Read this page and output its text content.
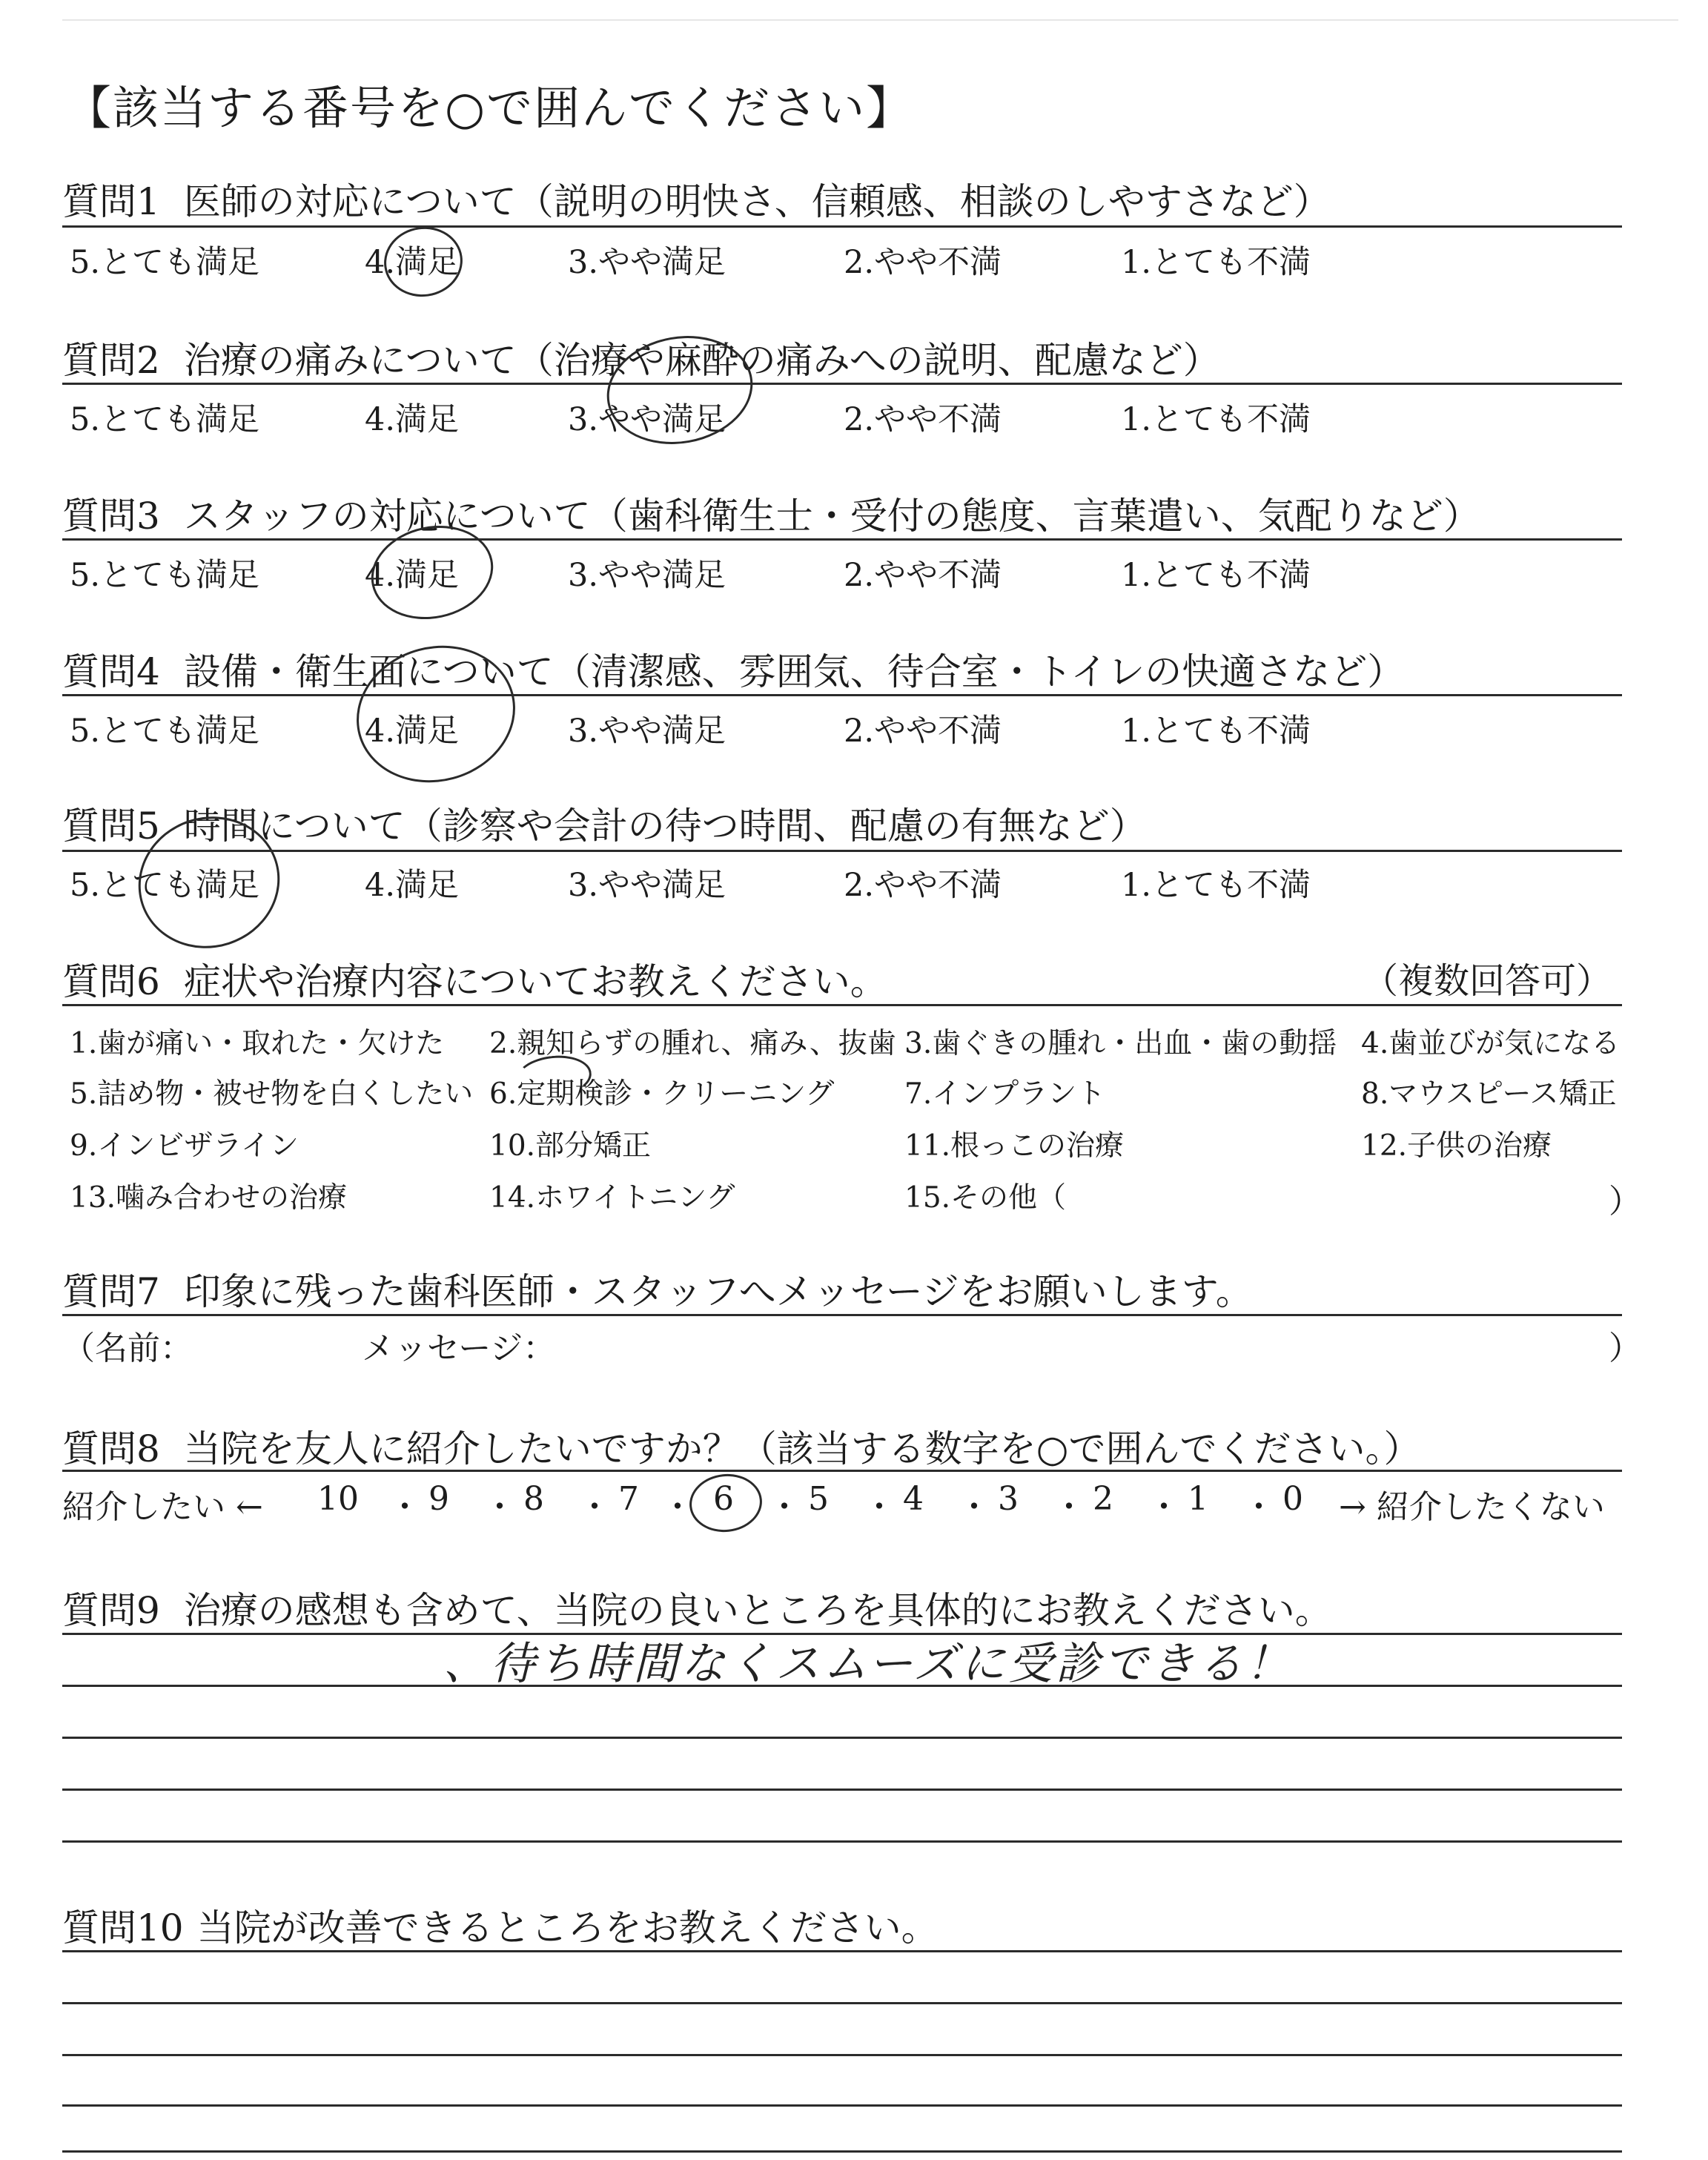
【該当する番号を○で囲んでください】
質問1 医師の対応について（説明の明快さ、信頼感、相談のしやすさなど）
5.とても満足	4.満足	3.やや満足	2.やや不満	1.とても不満
質問2 治療の痛みについて（治療や麻酔の痛みへの説明、配慮など）
5.とても満足	4.満足	3.やや満足	2.やや不満	1.とても不満
質問3 スタッフの対応について（歯科衛生士・受付の態度、言葉遣い、気配りなど）
5.とても満足	4.満足	3.やや満足	2.やや不満	1.とても不満
質問4 設備・衛生面について（清潔感、雰囲気、待合室・トイレの快適さなど）
5.とても満足	4.満足	3.やや満足	2.やや不満	1.とても不満
質問5 時間について（診察や会計の待つ時間、配慮の有無など）
5.とても満足	4.満足	3.やや満足	2.やや不満	1.とても不満
質問6 症状や治療内容についてお教えください。	（複数回答可）
1.歯が痛い・取れた・欠けた 2.親知らずの腫れ、痛み、抜歯 3.歯ぐきの腫れ・出血・歯の動揺 4.歯並びが気になる
5.詰め物・被せ物を白くしたい 6.定期検診・クリーニング 7.インプラント	8.マウスピース矯正
9.インビザライン	10.部分矯正	11.根っこの治療	12.子供の治療
13.噛み合わせの治療	14.ホワイトニング	15.その他（	）
質問7 印象に残った歯科医師・スタッフへメッセージをお願いします。
（名前：	メッセージ：	）
質問8 当院を友人に紹介したいですか？（該当する数字を○で囲んでください。）
紹介したい ← 10 ・ 9 ・ 8 ・ 7 ・ 6 ・ 5 ・ 4 ・ 3 ・ 2 ・ 1 ・ 0 → 紹介したくない
質問9 治療の感想も含めて、当院の良いところを具体的にお教えください。
、待ち時間なくスムーズに受診できる！
質問10 当院が改善できるところをお教えください。
